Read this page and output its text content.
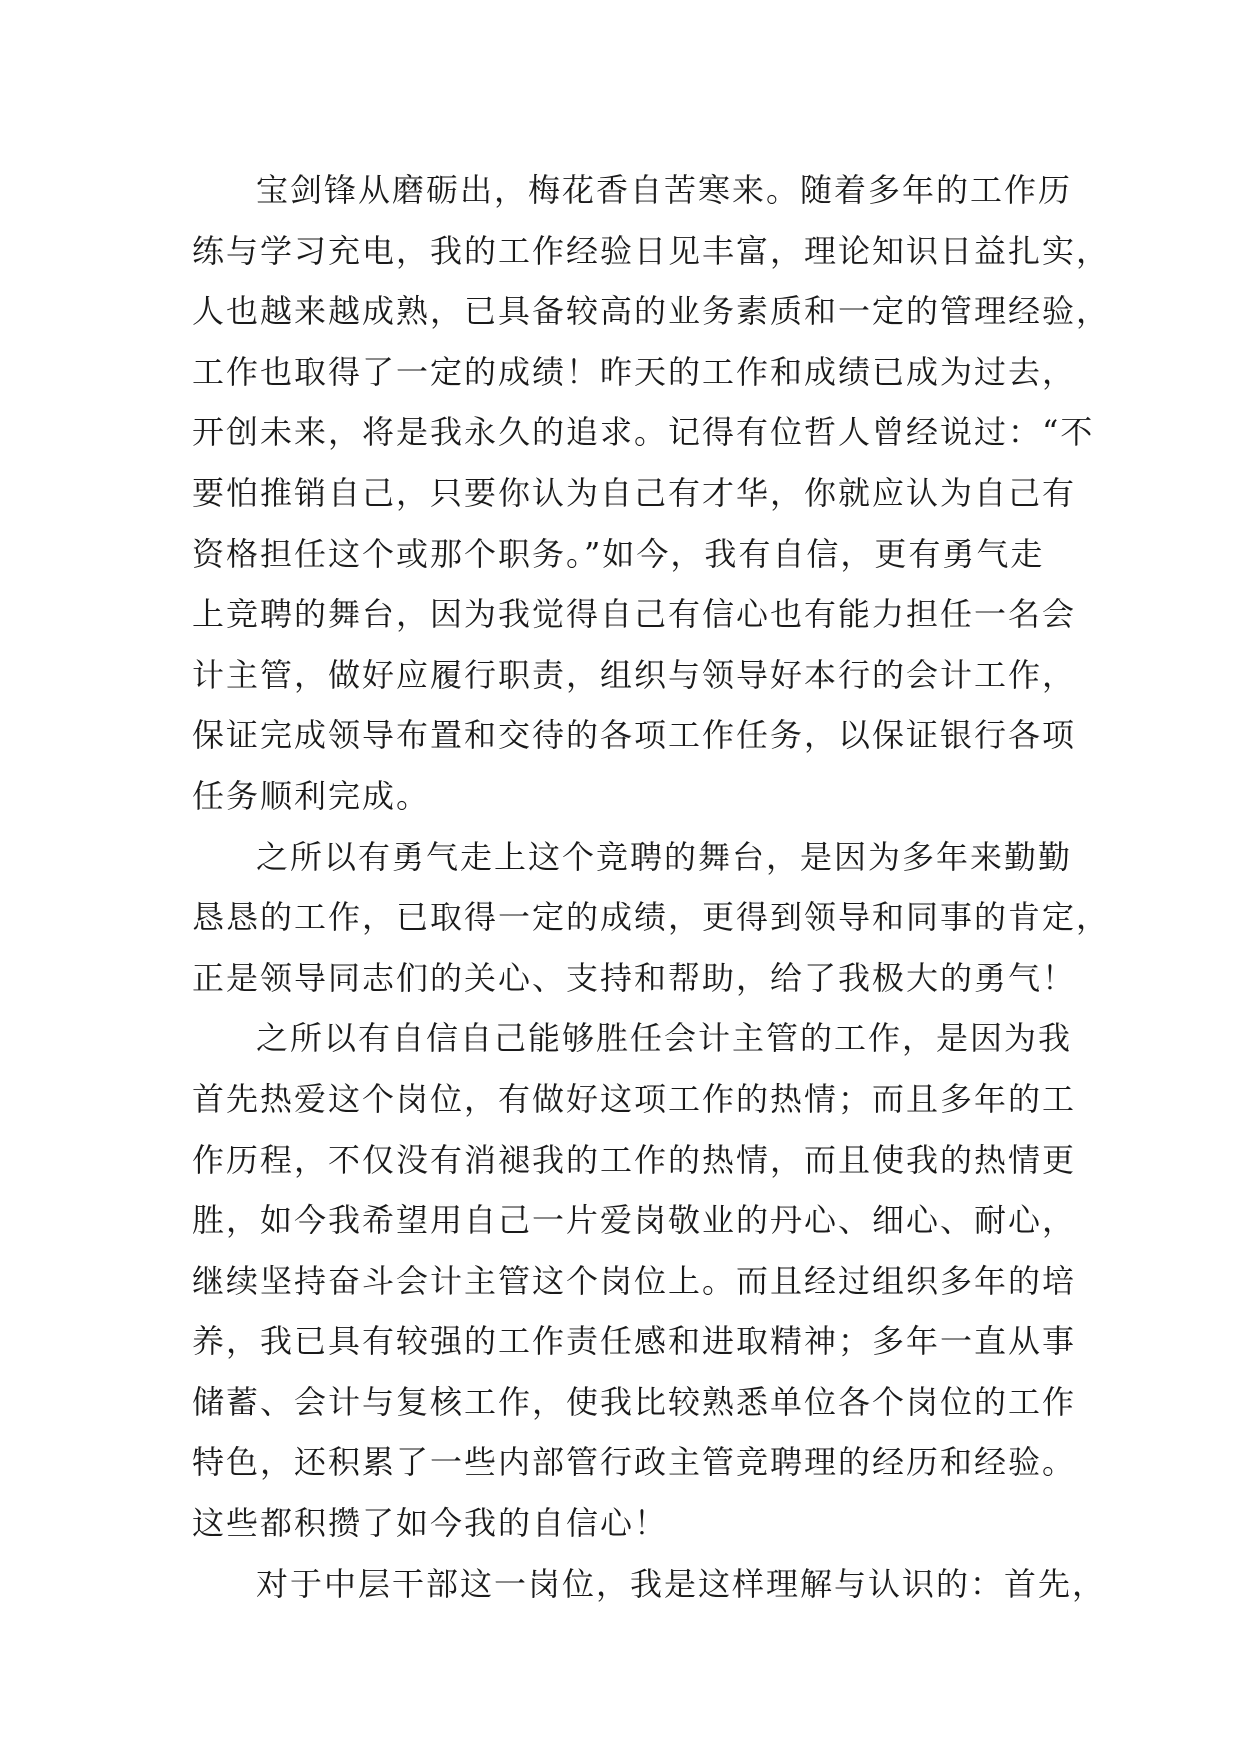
宝剑锋从磨砺出，梅花香自苦寒来。随着多年的工作历
练与学习充电，我的工作经验日见丰富，理论知识日益扎实，
人也越来越成熟，已具备较高的业务素质和一定的管理经验，
工作也取得了一定的成绩！昨天的工作和成绩已成为过去，
开创未来，将是我永久的追求。记得有位哲人曾经说过：“不
要怕推销自己，只要你认为自己有才华，你就应认为自己有
资格担任这个或那个职务。”如今，我有自信，更有勇气走
上竞聘的舞台，因为我觉得自己有信心也有能力担任一名会
计主管，做好应履行职责，组织与领导好本行的会计工作，
保证完成领导布置和交待的各项工作任务，以保证银行各项
任务顺利完成。
之所以有勇气走上这个竞聘的舞台，是因为多年来勤勤
恳恳的工作，已取得一定的成绩，更得到领导和同事的肯定，
正是领导同志们的关心、支持和帮助，给了我极大的勇气！
之所以有自信自己能够胜任会计主管的工作，是因为我
首先热爱这个岗位，有做好这项工作的热情；而且多年的工
作历程，不仅没有消褪我的工作的热情，而且使我的热情更
胜，如今我希望用自己一片爱岗敬业的丹心、细心、耐心，
继续坚持奋斗会计主管这个岗位上。而且经过组织多年的培
养，我已具有较强的工作责任感和进取精神；多年一直从事
储蓄、会计与复核工作，使我比较熟悉单位各个岗位的工作
特色，还积累了一些内部管行政主管竞聘理的经历和经验。
这些都积攒了如今我的自信心！
对于中层干部这一岗位，我是这样理解与认识的：首先，
